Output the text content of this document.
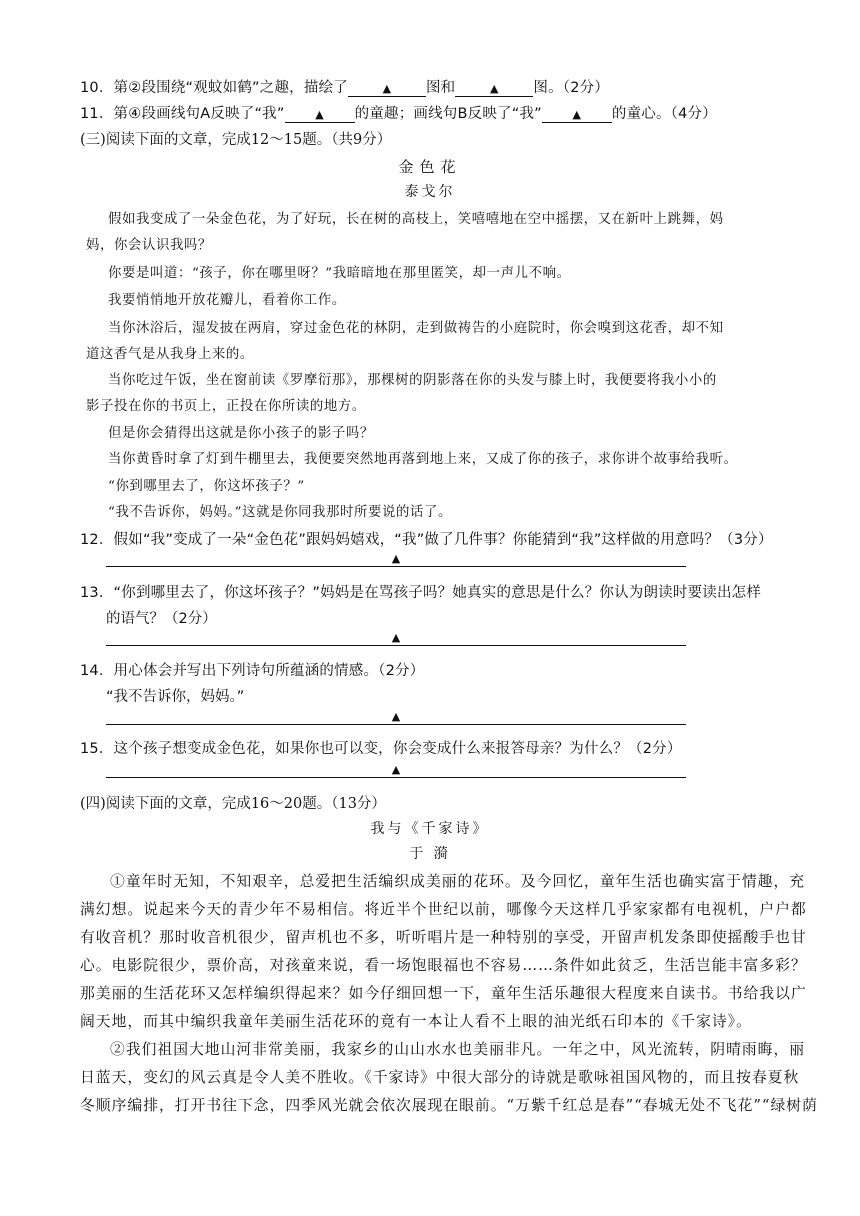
10．第②段围绕“观蚊如鹤”之趣，描绘了	▲ 图和	▲ 图。（2分）
11．第④段画线句A反映了“我”	▲ 的童趣；画线句B反映了“我”	▲ 的童心。（4分）
(三)阅读下面的文章，完成12～15题。（共9分）
金色花
泰戈尔
假如我变成了一朵金色花，为了好玩，长在树的高枝上，笑嘻嘻地在空中摇摆，又在新叶上跳舞，妈
妈，你会认识我吗？
你要是叫道：“孩子，你在哪里呀？”我暗暗地在那里匿笑，却一声儿不响。
我要悄悄地开放花瓣儿，看着你工作。
当你沐浴后，湿发披在两肩，穿过金色花的林阴，走到做祷告的小庭院时，你会嗅到这花香，却不知
道这香气是从我身上来的。
当你吃过午饭，坐在窗前读《罗摩衍那》，那棵树的阴影落在你的头发与膝上时，我便要将我小小的
影子投在你的书页上，正投在你所读的地方。
但是你会猜得出这就是你小孩子的影子吗？
当你黄昏时拿了灯到牛棚里去，我便要突然地再落到地上来，又成了你的孩子，求你讲个故事给我听。
“你到哪里去了，你这坏孩子？”
“我不告诉你，妈妈。”这就是你同我那时所要说的话了。
12．假如“我”变成了一朵“金色花”跟妈妈嬉戏，“我”做了几件事？你能猜到“我”这样做的用意吗？（3分）
▲
13．“你到哪里去了，你这坏孩子？”妈妈是在骂孩子吗？她真实的意思是什么？你认为朗读时要读出怎样
的语气？（2分）
▲
14．用心体会并写出下列诗句所蕴涵的情感。（2分）
“我不告诉你，妈妈。”
▲
15．这个孩子想变成金色花，如果你也可以变，你会变成什么来报答母亲？为什么？（2分）
▲
(四)阅读下面的文章，完成16～20题。（13分）
我与《千家诗》
于 漪
①童年时无知，不知艰辛，总爱把生活编织成美丽的花环。及今回忆，童年生活也确实富于情趣，充
满幻想。说起来今天的青少年不易相信。将近半个世纪以前，哪像今天这样几乎家家都有电视机，户户都
有收音机？那时收音机很少，留声机也不多，听听唱片是一种特别的享受，开留声机发条即使摇酸手也甘
心。电影院很少，票价高，对孩童来说，看一场饱眼福也不容易……条件如此贫乏，生活岂能丰富多彩？
那美丽的生活花环又怎样编织得起来？如今仔细回想一下，童年生活乐趣很大程度来自读书。书给我以广
阔天地，而其中编织我童年美丽生活花环的竟有一本让人看不上眼的油光纸石印本的《千家诗》。
②我们祖国大地山河非常美丽，我家乡的山山水水也美丽非凡。一年之中，风光流转，阴晴雨晦，丽
日蓝天，变幻的风云真是令人美不胜收。《千家诗》中很大部分的诗就是歌咏祖国风物的，而且按春夏秋
冬顺序编排，打开书往下念，四季风光就会依次展现在眼前。“万紫千红总是春”“春城无处不飞花”“绿树荫
